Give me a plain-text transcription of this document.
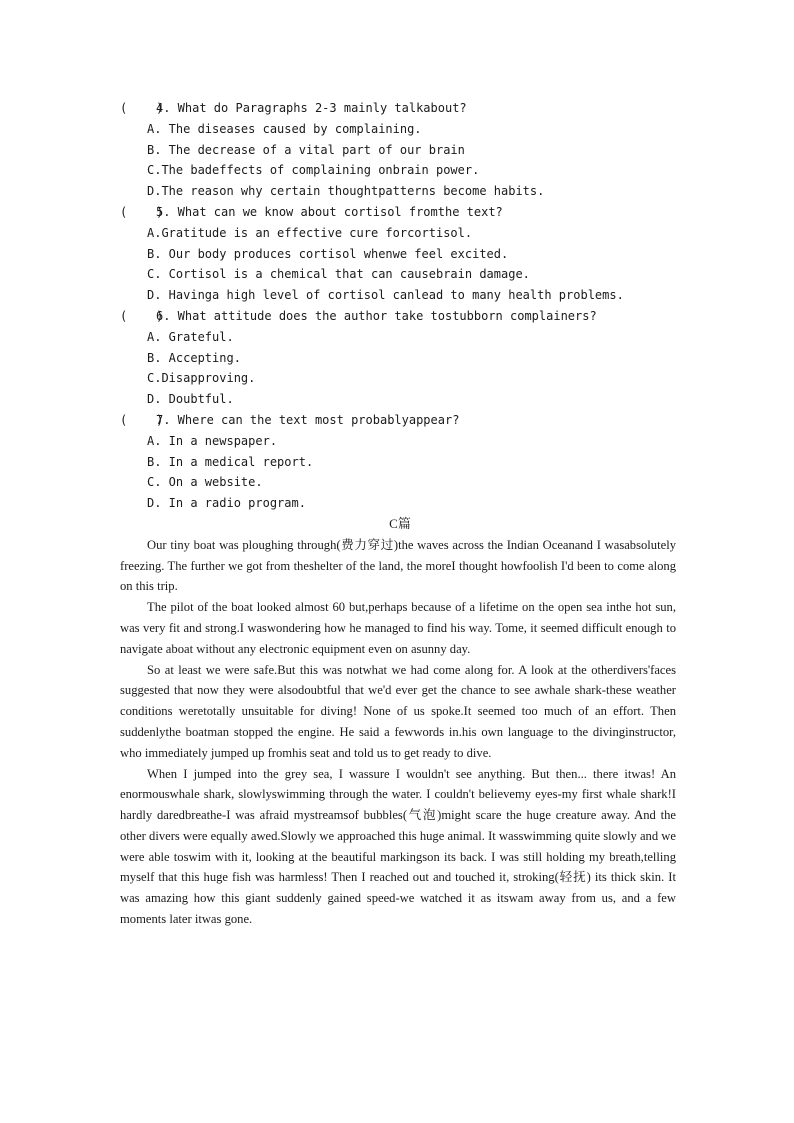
(    )4. What do Paragraphs 2-3 mainly talkabout?

A. The diseases caused by complaining.

B. The decrease of a vital part of our brain

C.The badeffects of complaining onbrain power.

D.The reason why certain thoughtpatterns become habits.

(    )5. What can we know about cortisol fromthe text?

A.Gratitude is an effective cure forcortisol.

B. Our body produces cortisol whenwe feel excited.

C. Cortisol is a chemical that can causebrain damage.

D. Havinga high level of cortisol canlead to many health problems.

(    )6. What attitude does the author take tostubborn complainers?

A. Grateful.

B. Accepting.

C.Disapproving.

D. Doubtful.

(    )7. Where can the text most probablyappear?

A. In a newspaper.

B. In a medical report.

C. On a website.

D. In a radio program.

C篇

Our tiny boat was ploughing through(费力穿过)the waves across the Indian Oceanand I wasabsolutely freezing. The further we got from theshelter of the land, the moreI thought howfoolish I'd been to come along on this trip.

The pilot of the boat looked almost 60 but,perhaps because of a lifetime on the open sea inthe hot sun, was very fit and strong.I waswondering how he managed to find his way. Tome, it seemed difficult enough to navigate aboat without any electronic equipment even on asunny day.

So at least we were safe.But this was notwhat we had come along for. A look at the otherdivers'faces suggested that now they were alsodoubtful that we'd ever get the chance to see awhale shark-these weather conditions weretotally unsuitable for diving! None of us spoke.It seemed too much of an effort. Then suddenlythe boatman stopped the engine. He said a fewwords in.his own language to the divinginstructor, who immediately jumped up fromhis seat and told us to get ready to dive.

When I jumped into the grey sea, I wassure I wouldn't see anything. But then... there itwas! An enormouswhale shark, slowlyswimming through the water. I couldn't believemy eyes-my first whale shark!I hardly daredbreathe-I was afraid mystreamsof bubbles(气泡)might scare the huge creature away. And the other divers were equally awed.Slowly we approached this huge animal. It wasswimming quite slowly and we were able toswim with it, looking at the beautiful markingson its back. I was still holding my breath,telling myself that this huge fish was harmless! Then I reached out and touched it, stroking(轻抚) its thick skin. It was amazing how this giant suddenly gained speed-we watched it as itswam away from us, and a few moments later itwas gone.
